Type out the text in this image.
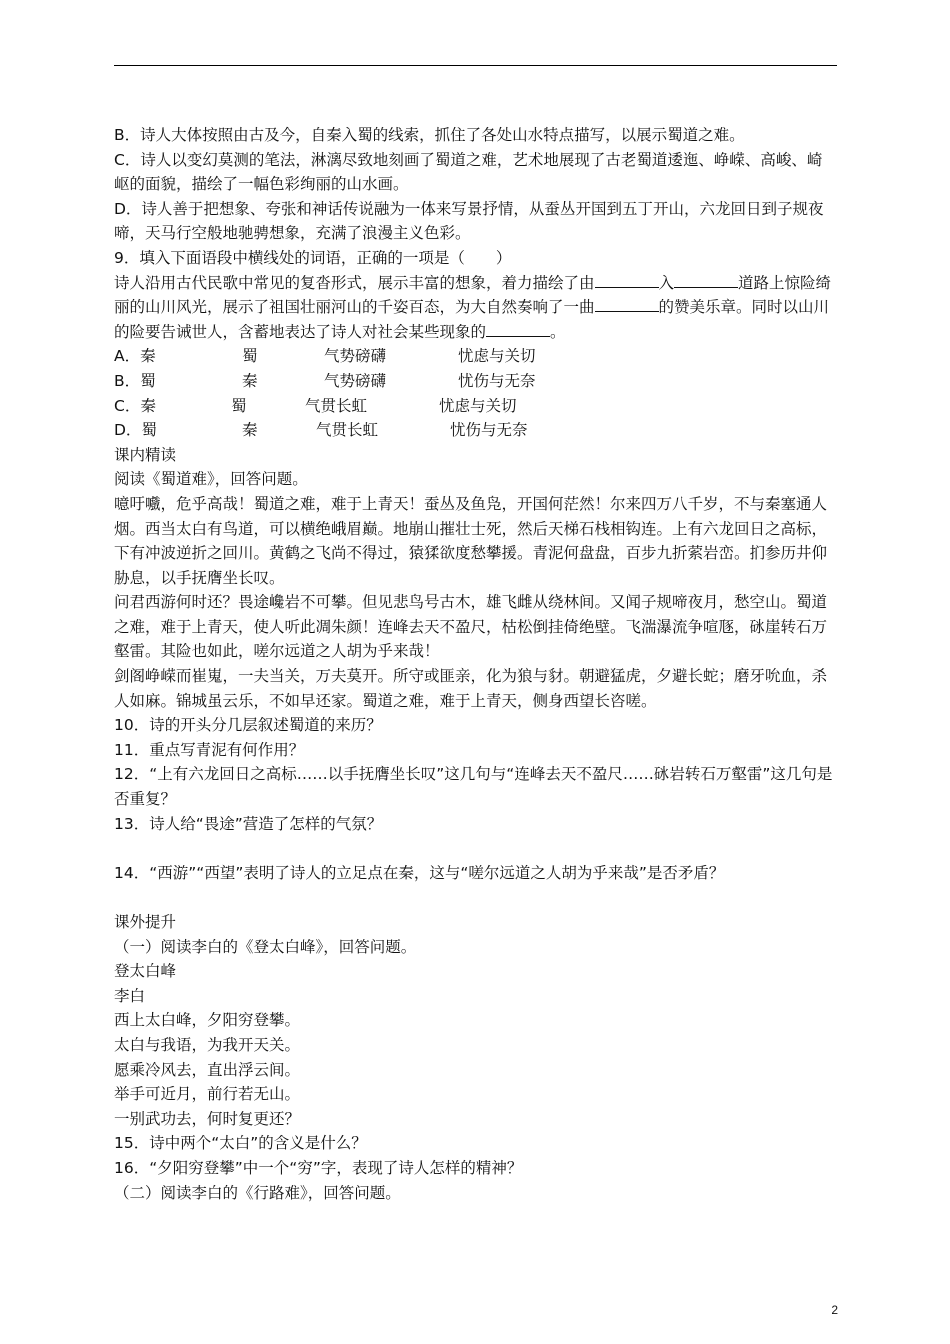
B．诗人大体按照由古及今，自秦入蜀的线索，抓住了各处山水特点描写，以展示蜀道之难。

C．诗人以变幻莫测的笔法，淋漓尽致地刻画了蜀道之难，艺术地展现了古老蜀道逶迤、峥嵘、高峻、崎岖的面貌，描绘了一幅色彩绚丽的山水画。

D．诗人善于把想象、夸张和神话传说融为一体来写景抒情，从蚕丛开国到五丁开山，六龙回日到子规夜啼，天马行空般地驰骋想象，充满了浪漫主义色彩。

9．填入下面语段中横线处的词语，正确的一项是（　　）

诗人沿用古代民歌中常见的复沓形式，展示丰富的想象，着力描绘了由	入	道路上惊险绮丽的山川风光，展示了祖国壮丽河山的千姿百态，为大自然奏响了一曲	的赞美乐章。同时以山川的险要告诫世人，含蓄地表达了诗人对社会某些现象的	。

A．秦	蜀	气势磅礴	忧虑与关切
B．蜀	秦	气势磅礴	忧伤与无奈
C．秦	蜀	气贯长虹	忧虑与关切
D．蜀	秦	气贯长虹	忧伤与无奈

课内精读

阅读《蜀道难》，回答问题。

噫吁嚱，危乎高哉！蜀道之难，难于上青天！蚕丛及鱼凫，开国何茫然！尔来四万八千岁，不与秦塞通人烟。西当太白有鸟道，可以横绝峨眉巅。地崩山摧壮士死，然后天梯石栈相钩连。上有六龙回日之高标，下有冲波逆折之回川。黄鹤之飞尚不得过，猿猱欲度愁攀援。青泥何盘盘，百步九折萦岩峦。扪参历井仰胁息，以手抚膺坐长叹。

问君西游何时还？畏途巉岩不可攀。但见悲鸟号古木，雄飞雌从绕林间。又闻子规啼夜月，愁空山。蜀道之难，难于上青天，使人听此凋朱颜！连峰去天不盈尺，枯松倒挂倚绝壁。飞湍瀑流争喧豗，砯崖转石万壑雷。其险也如此，嗟尔远道之人胡为乎来哉！

剑阁峥嵘而崔嵬，一夫当关，万夫莫开。所守或匪亲，化为狼与豺。朝避猛虎，夕避长蛇；磨牙吮血，杀人如麻。锦城虽云乐，不如早还家。蜀道之难，难于上青天，侧身西望长咨嗟。

10．诗的开头分几层叙述蜀道的来历？

11．重点写青泥有何作用？

12．“上有六龙回日之高标……以手抚膺坐长叹”这几句与“连峰去天不盈尺……砯岩转石万壑雷”这几句是否重复？

13．诗人给“畏途”营造了怎样的气氛？

14．“西游”“西望”表明了诗人的立足点在秦，这与“嗟尔远道之人胡为乎来哉”是否矛盾？

课外提升

（一）阅读李白的《登太白峰》，回答问题。

登太白峰

李白

西上太白峰，夕阳穷登攀。

太白与我语，为我开天关。

愿乘冷风去，直出浮云间。

举手可近月，前行若无山。

一别武功去，何时复更还？

15．诗中两个“太白”的含义是什么？

16．“夕阳穷登攀”中一个“穷”字，表现了诗人怎样的精神？

（二）阅读李白的《行路难》，回答问题。

2
